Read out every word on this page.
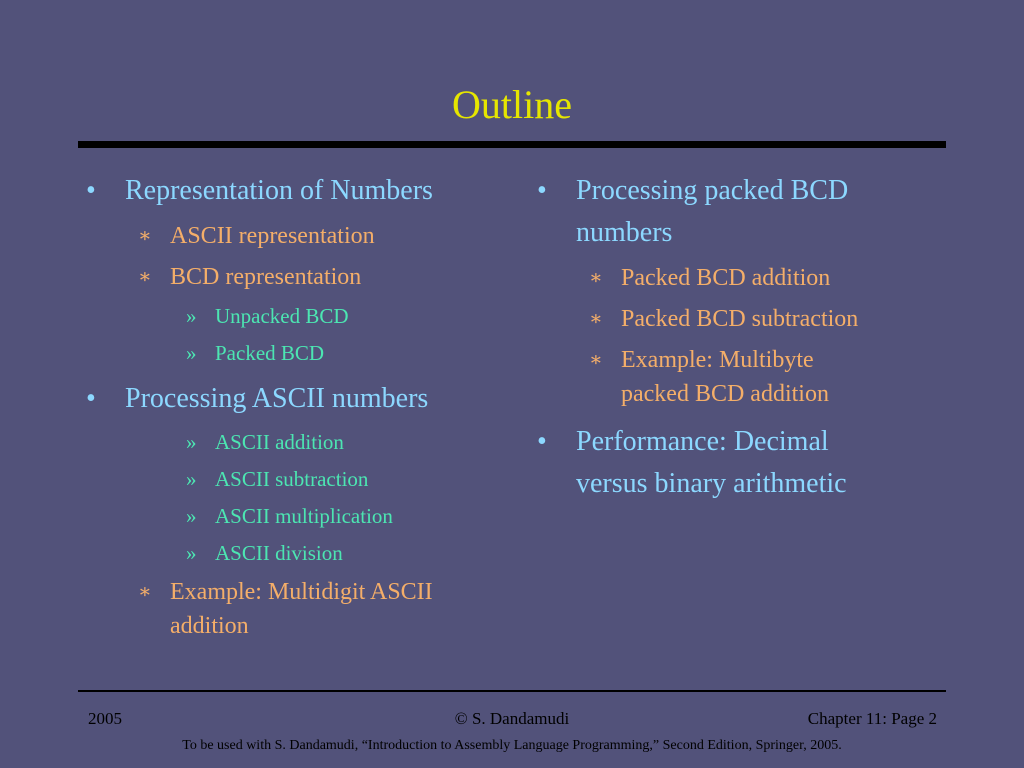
Outline
• Representation of Numbers
∗ ASCII representation
∗ BCD representation
» Unpacked BCD
» Packed BCD
• Processing ASCII numbers
» ASCII addition
» ASCII subtraction
» ASCII multiplication
» ASCII division
∗ Example: Multidigit ASCII
addition
• Processing packed BCD
numbers
∗ Packed BCD addition
∗ Packed BCD subtraction
∗ Example: Multibyte
packed BCD addition
• Performance: Decimal
versus binary arithmetic
2005	© S. Dandamudi	Chapter 11: Page 2
To be used with S. Dandamudi, “Introduction to Assembly Language Programming,” Second Edition, Springer, 2005.
